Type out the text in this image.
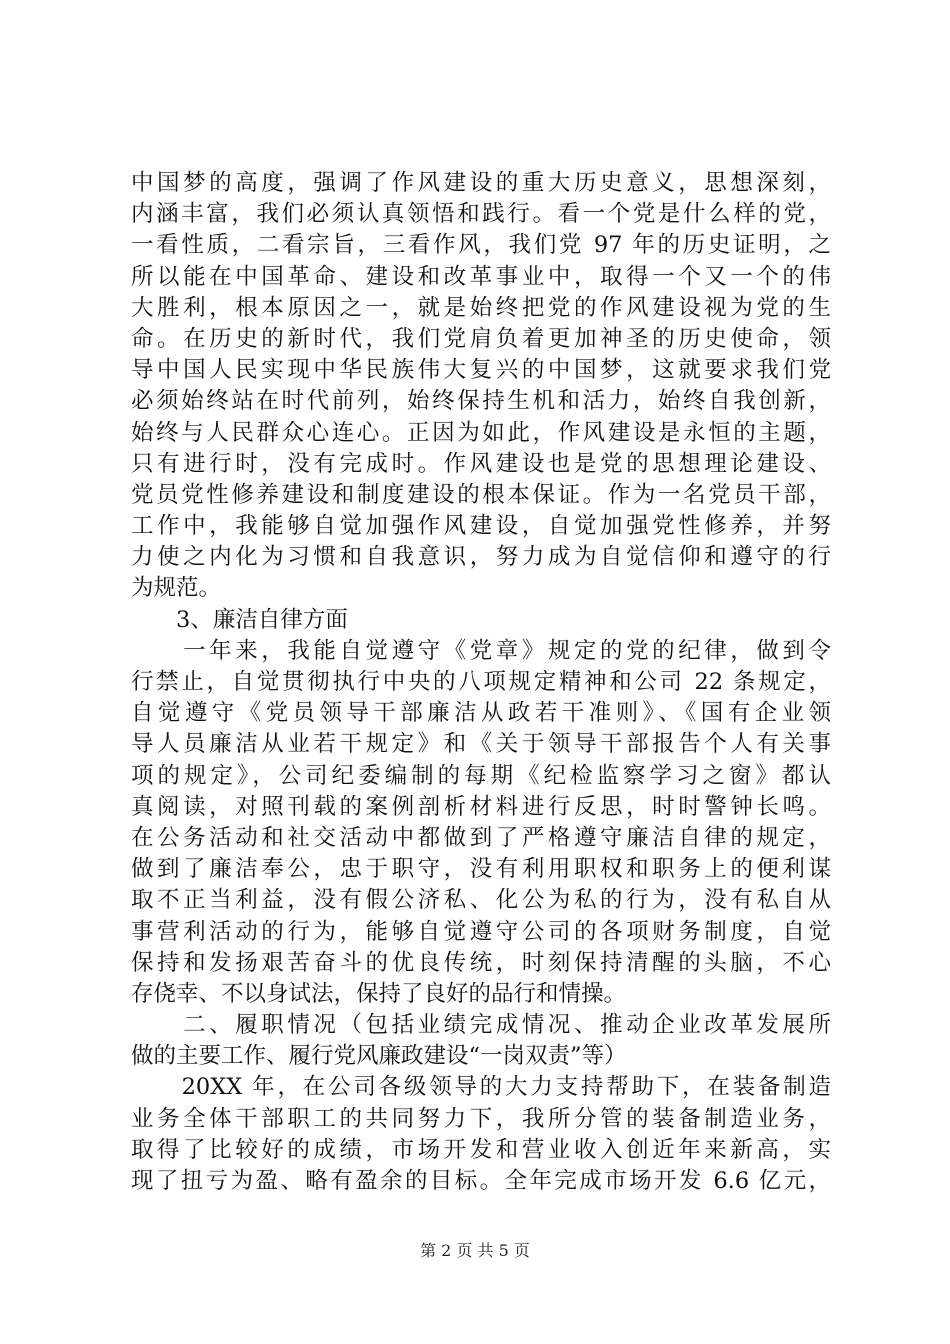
中国梦的高度，强调了作风建设的重大历史意义，思想深刻，
内涵丰富，我们必须认真领悟和践行。看一个党是什么样的党，
一看性质，二看宗旨，三看作风，我们党 97 年的历史证明，之
所以能在中国革命、建设和改革事业中，取得一个又一个的伟
大胜利，根本原因之一，就是始终把党的作风建设视为党的生
命。在历史的新时代，我们党肩负着更加神圣的历史使命，领
导中国人民实现中华民族伟大复兴的中国梦，这就要求我们党
必须始终站在时代前列，始终保持生机和活力，始终自我创新，
始终与人民群众心连心。正因为如此，作风建设是永恒的主题，
只有进行时，没有完成时。作风建设也是党的思想理论建设、
党员党性修养建设和制度建设的根本保证。作为一名党员干部，
工作中，我能够自觉加强作风建设，自觉加强党性修养，并努
力使之内化为习惯和自我意识，努力成为自觉信仰和遵守的行
为规范。
　　3、廉洁自律方面
　　一年来，我能自觉遵守《党章》规定的党的纪律，做到令
行禁止，自觉贯彻执行中央的八项规定精神和公司 22 条规定，
自觉遵守《党员领导干部廉洁从政若干准则》、《国有企业领
导人员廉洁从业若干规定》和《关于领导干部报告个人有关事
项的规定》，公司纪委编制的每期《纪检监察学习之窗》都认
真阅读，对照刊载的案例剖析材料进行反思，时时警钟长鸣。
在公务活动和社交活动中都做到了严格遵守廉洁自律的规定，
做到了廉洁奉公，忠于职守，没有利用职权和职务上的便利谋
取不正当利益，没有假公济私、化公为私的行为，没有私自从
事营利活动的行为，能够自觉遵守公司的各项财务制度，自觉
保持和发扬艰苦奋斗的优良传统，时刻保持清醒的头脑，不心
存侥幸、不以身试法，保持了良好的品行和情操。
　　二、履职情况（包括业绩完成情况、推动企业改革发展所
做的主要工作、履行党风廉政建设“一岗双责”等）
　　20XX 年，在公司各级领导的大力支持帮助下，在装备制造
业务全体干部职工的共同努力下，我所分管的装备制造业务，
取得了比较好的成绩，市场开发和营业收入创近年来新高，实
现了扭亏为盈、略有盈余的目标。全年完成市场开发 6.6 亿元，
第 2 页 共 5 页
